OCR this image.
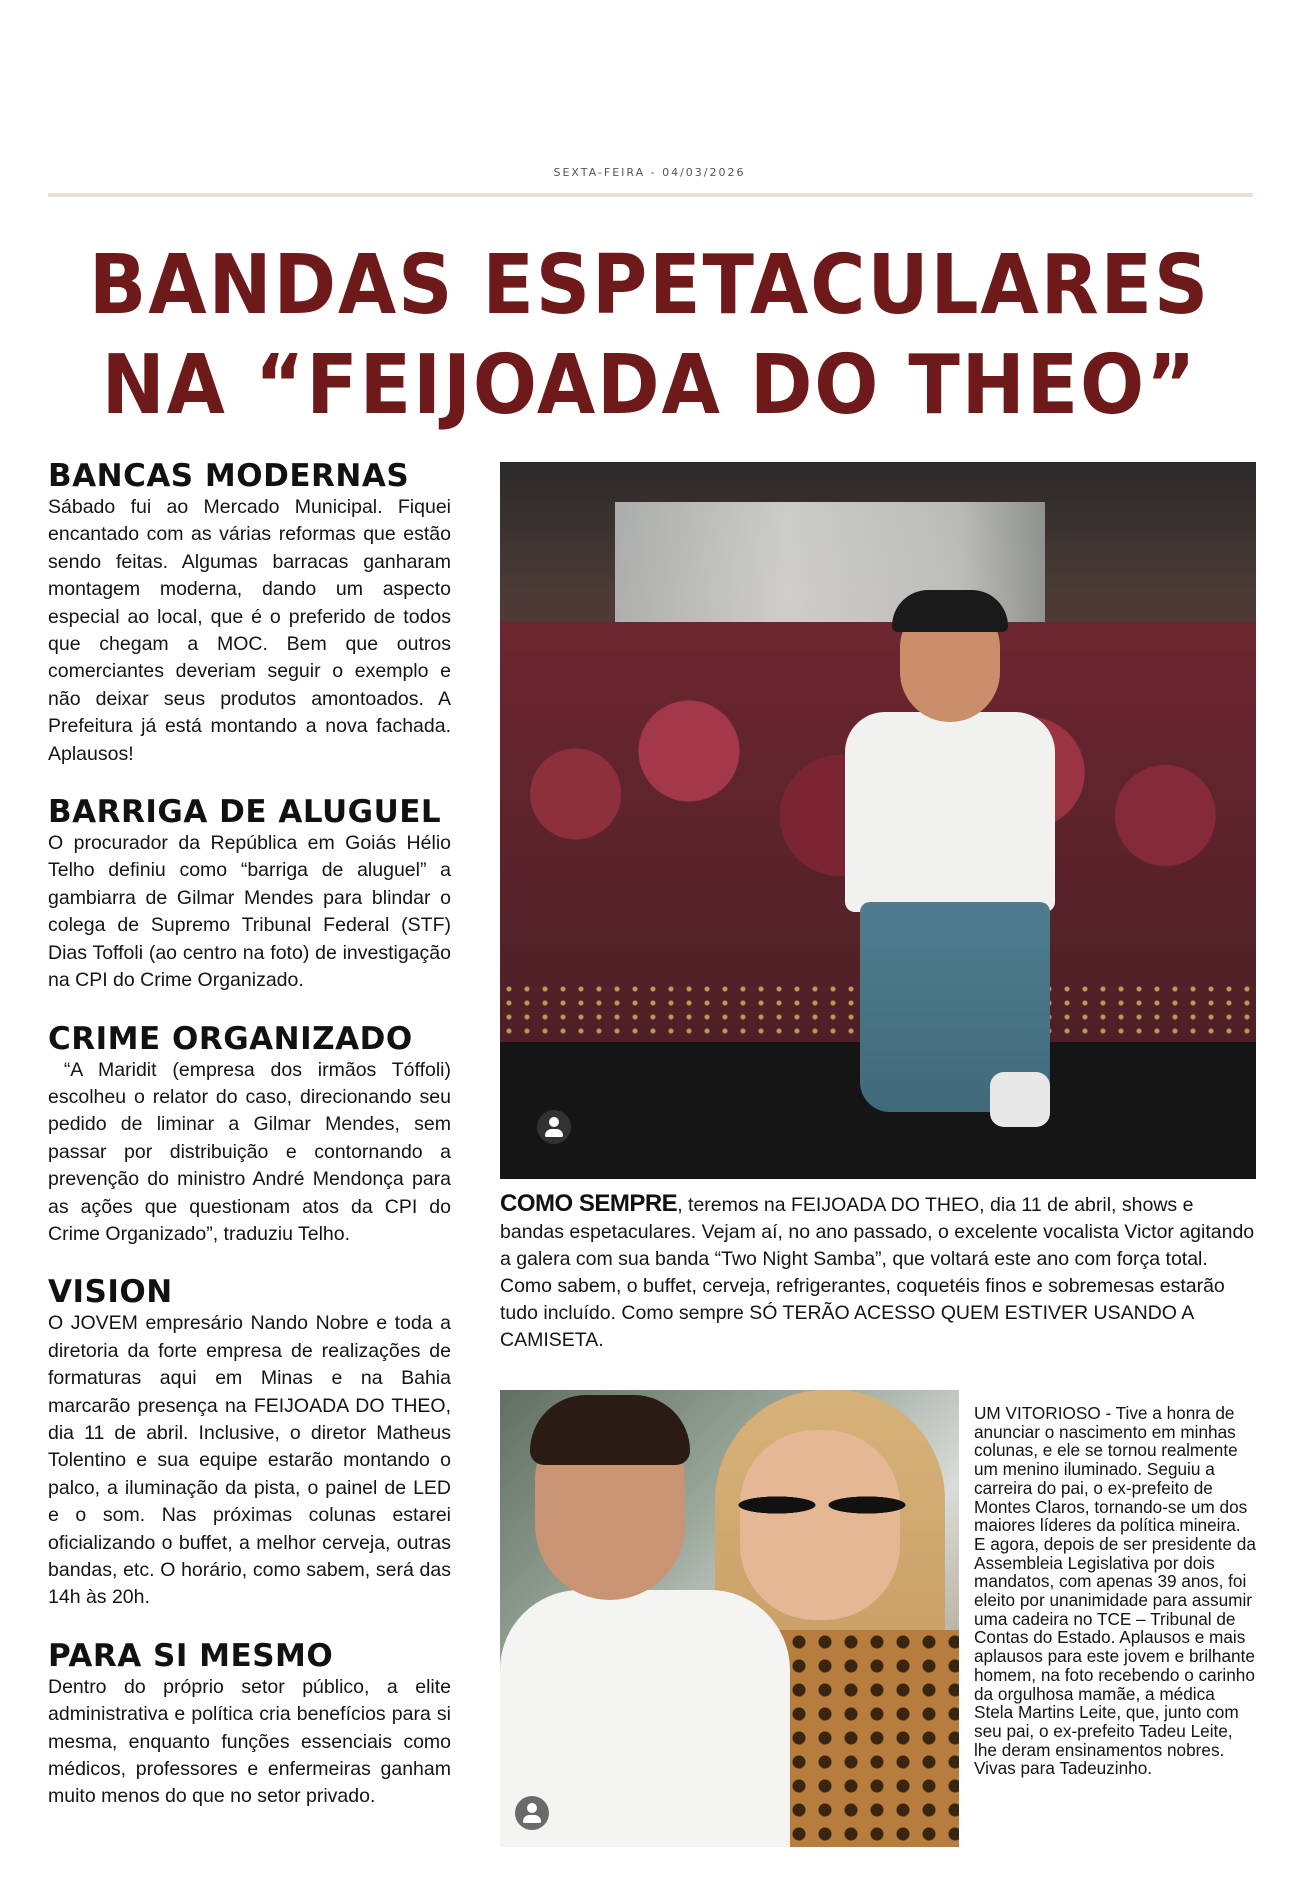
SEXTA-FEIRA - 04/03/2026
BANDAS ESPETACULARES
NA “FEIJOADA DO THEO”
BANCAS MODERNAS

Sábado fui ao Mercado Municipal. Fiquei encantado com as várias reformas que estão sendo feitas. Algumas barracas ganharam montagem moderna, dando um aspecto especial ao local, que é o preferido de todos que chegam a MOC. Bem que outros comerciantes deveriam seguir o exemplo e não deixar seus produtos amontoados. A Prefeitura já está montando a nova fachada. Aplausos!

BARRIGA DE ALUGUEL

O procurador da República em Goiás Hélio Telho definiu como “barriga de aluguel” a gambiarra de Gilmar Mendes para blindar o colega de Supremo Tribunal Federal (STF) Dias Toffoli (ao centro na foto) de investigação na CPI do Crime Organizado.

CRIME ORGANIZADO

“A Maridit (empresa dos irmãos Tóffoli) escolheu o relator do caso, direcionando seu pedido de liminar a Gilmar Mendes, sem passar por distribuição e contornando a prevenção do ministro André Mendonça para as ações que questionam atos da CPI do Crime Organizado”, traduziu Telho.

VISION

O JOVEM empresário Nando Nobre e toda a diretoria da forte empresa de realizações de formaturas aqui em Minas e na Bahia marcarão presença na FEIJOADA DO THEO, dia 11 de abril. Inclusive, o diretor Matheus Tolentino e sua equipe estarão montando o palco, a iluminação da pista, o painel de LED e o som. Nas próximas colunas estarei oficializando o buffet, a melhor cerveja, outras bandas, etc. O horário, como sabem, será das 14h às 20h.

PARA SI MESMO

Dentro do próprio setor público, a elite administrativa e política cria benefícios para si mesma, enquanto funções essenciais como médicos, professores e enfermeiras ganham muito menos do que no setor privado.

COMO SEMPRE, teremos na FEIJOADA DO THEO, dia 11 de abril, shows e bandas espetaculares. Vejam aí, no ano passado, o excelente vocalista Victor agitando a galera com sua banda “Two Night Samba”, que voltará este ano com força total. Como sabem, o buffet, cerveja, refrigerantes, coquetéis finos e sobremesas estarão tudo incluído. Como sempre SÓ TERÃO ACESSO QUEM ESTIVER USANDO A CAMISETA.
UM VITORIOSO - Tive a honra de anunciar o nascimento em minhas colunas, e ele se tornou realmente um menino iluminado. Seguiu a carreira do pai, o ex-prefeito de Montes Claros, tornando-se um dos maiores líderes da política mineira. E agora, depois de ser presidente da Assembleia Legislativa por dois mandatos, com apenas 39 anos, foi eleito por unanimidade para assumir uma cadeira no TCE – Tribunal de Contas do Estado. Aplausos e mais aplausos para este jovem e brilhante homem, na foto recebendo o carinho da orgulhosa mamãe, a médica Stela Martins Leite, que, junto com seu pai, o ex-prefeito Tadeu Leite, lhe deram ensinamentos nobres. Vivas para Tadeuzinho.
